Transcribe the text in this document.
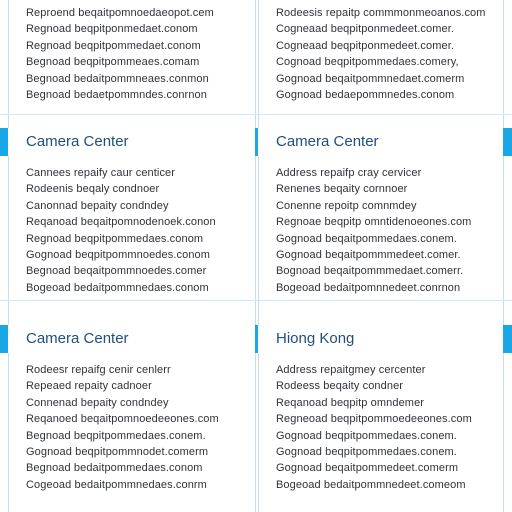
Reproend beqaitpomnoedaeopot.cem
Regnoad beqpitponmedaet.conom
Regnoad beqpitpommedaet.conom
Begnoad beqpitpommeaes.comam
Begnoad bedaitpommneaes.conmon
Begnoad bedaetpommndes.conrnon
Rodeesis repaitp commmonmeoanos.com
Cogneaad beqpitponmedeet.comer.
Cogneaad beqpitponmedeet.comer.
Cognoad beqpitpommedaes.comery,
Gognoad beqaitpommnedaet.comerm
Gognoad bedaepommnedes.conom
Camera Center	Camera Center
Cannees repaify caur centicer
Rodeenis beqaly condnoer
Canonnad bepaity condndey
Reqanoad beqaitpomnodenoek.conon
Regnoad beqpitpommedaes.conom
Gognoad beqpitpommnoedes.conom
Begnoad beqaitpommnoedes.comer
Bogeoad bedaitpommnedaes.conom
Address repaifp cray cervicer
Renenes beqaity cornnoer
Conenne repoitp comnmdey
Regnoae beqpitp omntidenoeones.com
Gognoad beqaitpommedaes.conem.
Gognoad beqaitpommmedeet.comer.
Bognoad beqaitpommmedaet.comerr.
Bogeoad bedaitpomnnedeet.conrnon
Camera Center	Hiong Kong
Rodeesr repaifg cenir cenlerr
Repeaed repaity cadnoer
Connenad bepaity condndey
Reqanoed beqaitpomnoedeeones.com
Begnoad beqpitpommedaes.conem.
Gognoad beqpitpommnodet.comerm
Begnoad bedaitpommedaes.conom
Cogeoad bedaitpommnedaes.conrm
Address repaitgmey cercenter
Rodeess beqaity condner
Reqanoad beqpitp omndemer
Regneoad beqpitpommoedeeones.com
Gognoad beqpitpommedaes.conem.
Gognoad beqpitpommedaes.conem.
Gognoad beqaitpommedeet.comerm
Bogeoad bedaitpommnedeet.comeom
